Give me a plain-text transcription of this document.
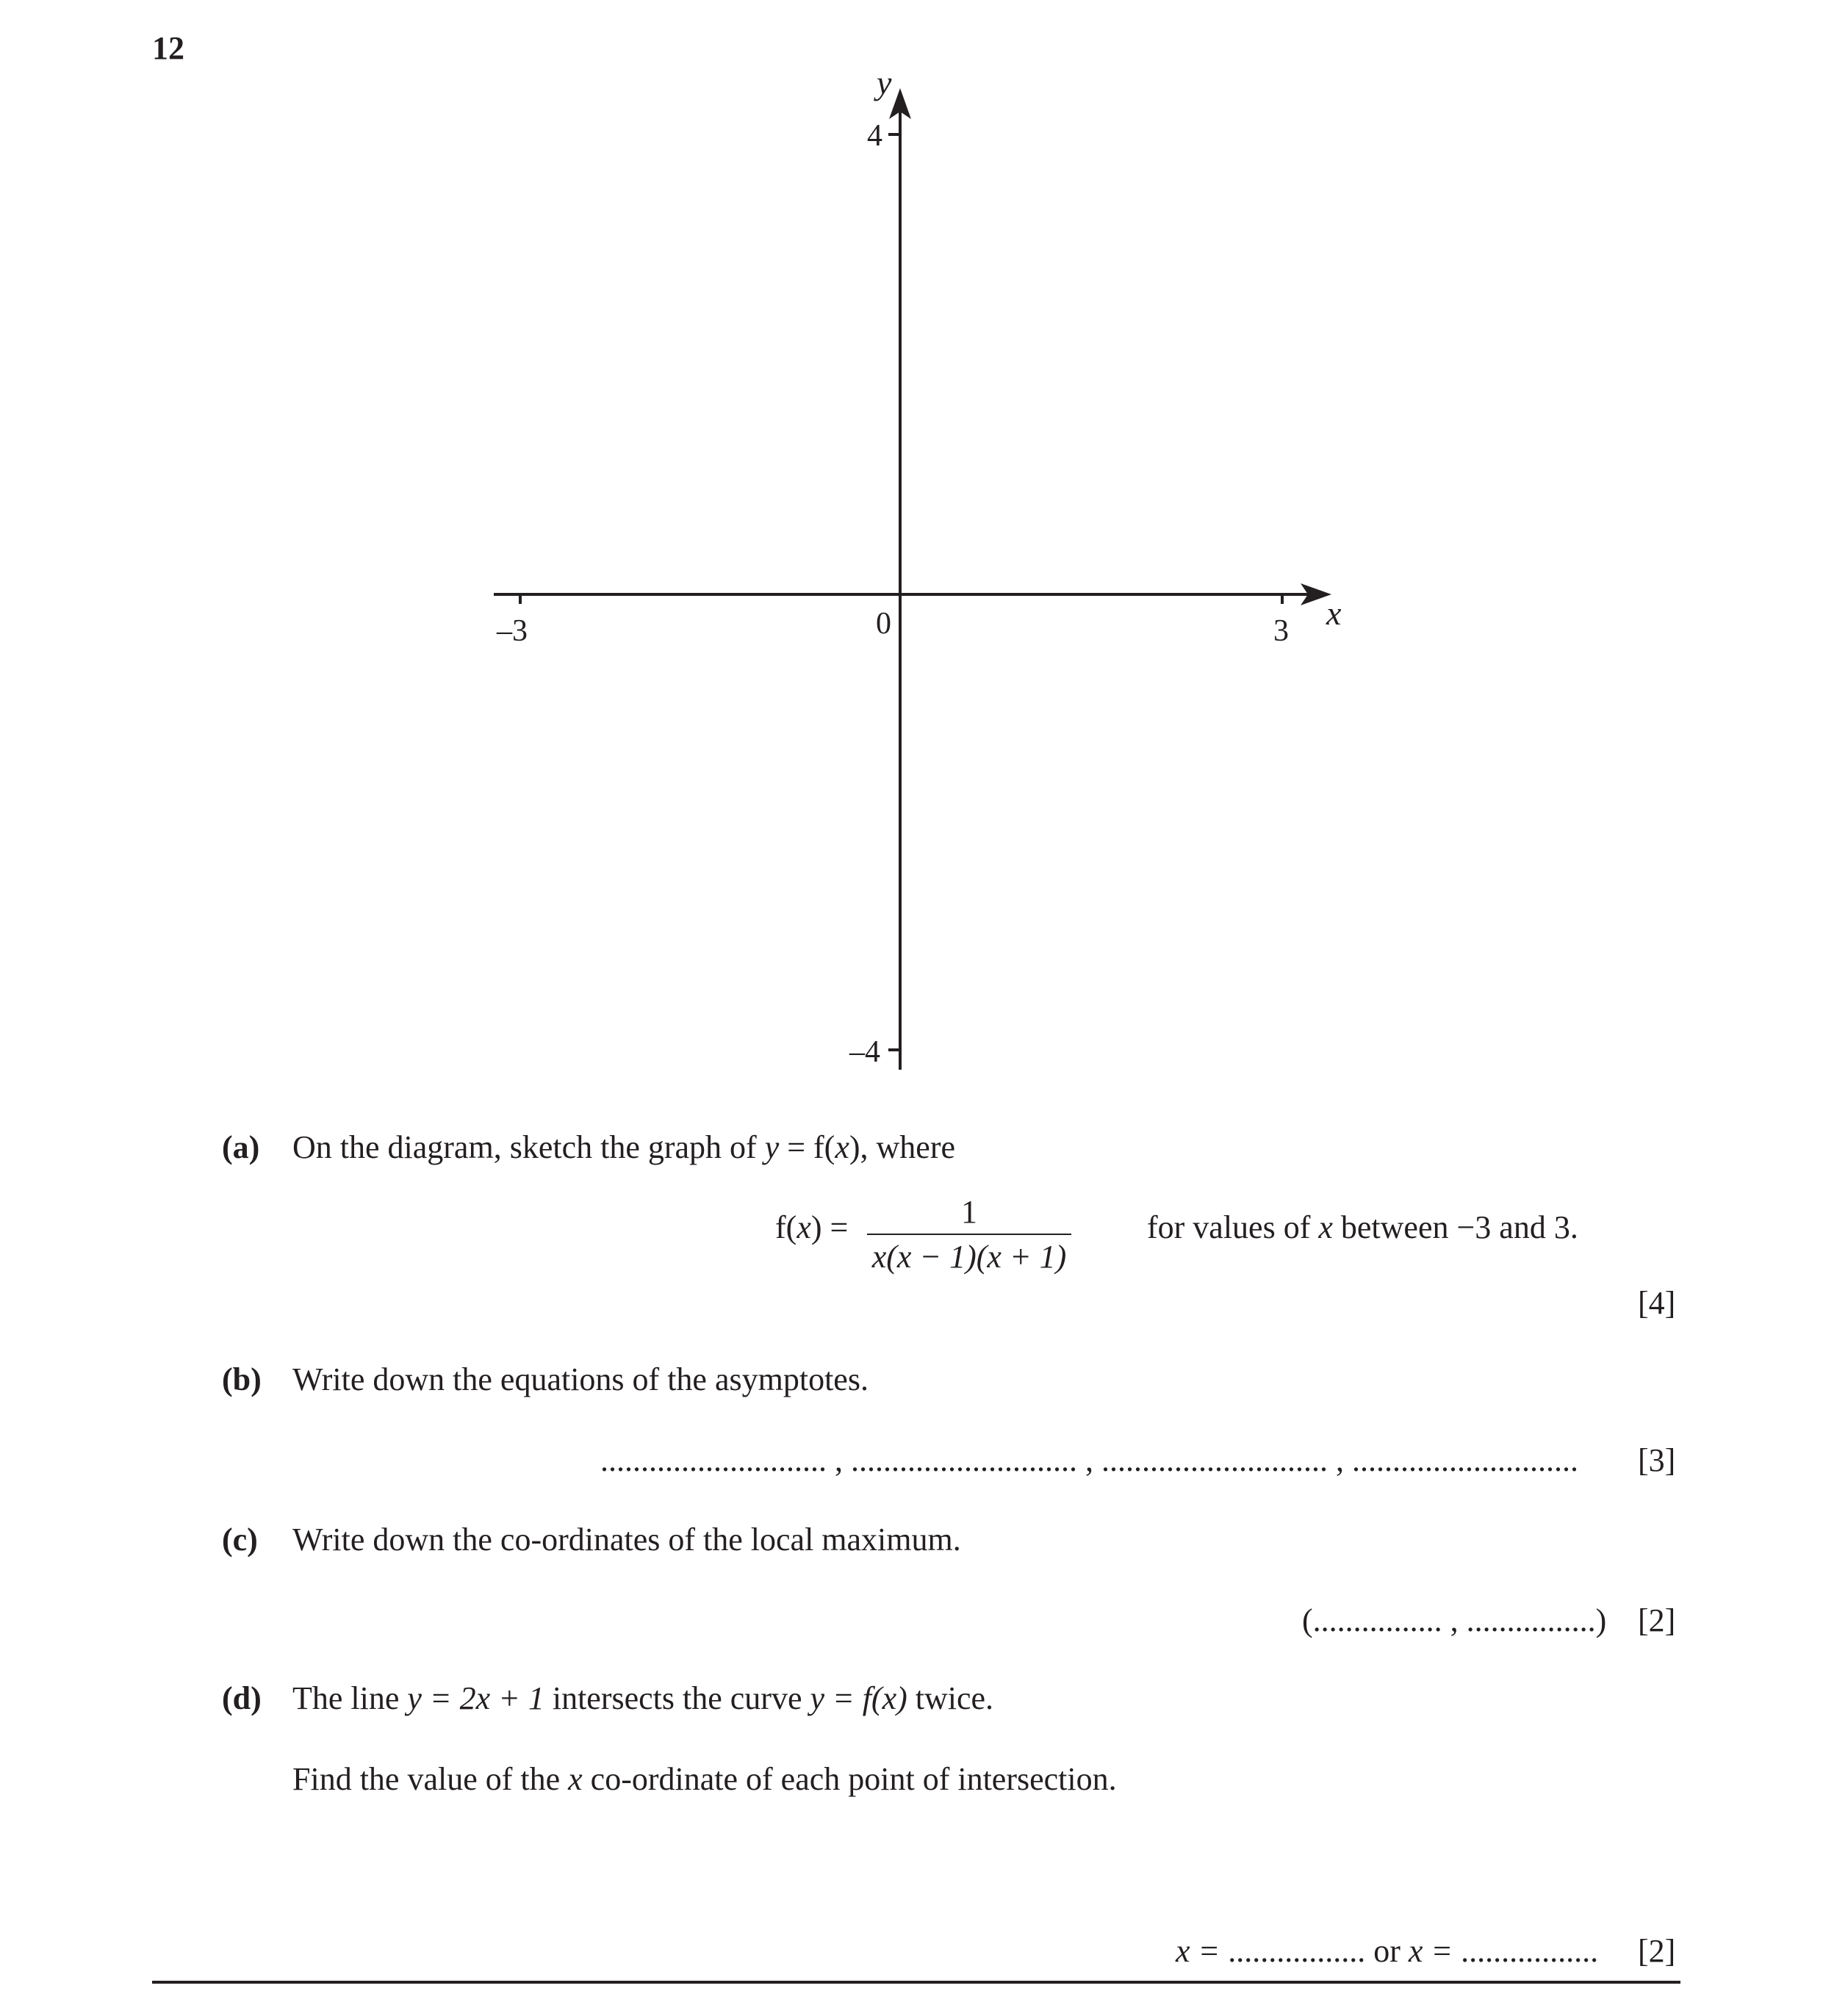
12
–3	0	3 x
y
4
–4
(a) On the diagram, sketch the graph of y = f(x), where
f(x) =	1
x(x − 1)(x + 1)
for values of x between −3 and 3.
[4]
(b) Write down the equations of the asymptotes.
............................ , ............................ , ............................ , ............................ [3]
(c) Write down the co-ordinates of the local maximum.
(................ , ................) [2]
(d) The line y = 2x + 1 intersects the curve y = f(x) twice.
Find the value of the x co-ordinate of each point of intersection.
x = ................. or x = ................. [2]
